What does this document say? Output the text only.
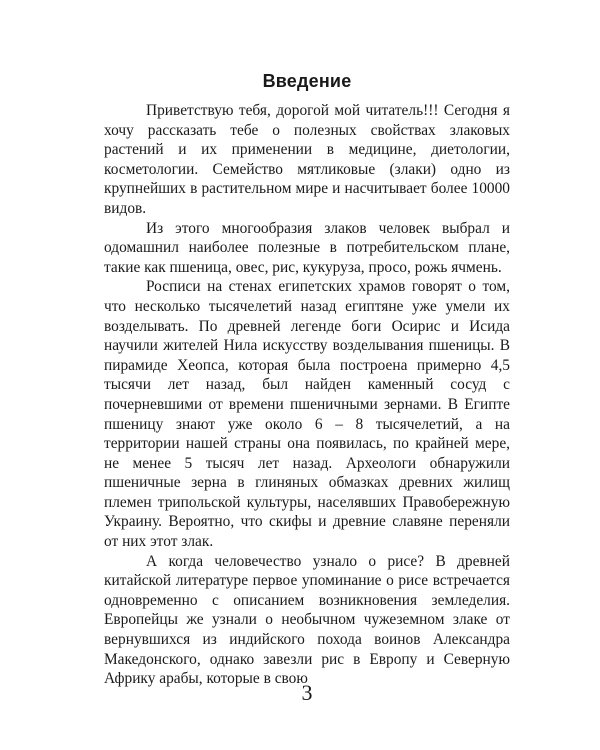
Введение

Приветствую тебя, дорогой мой читатель!!! Сегодня я хочу рассказать тебе о полезных свойствах злаковых растений и их применении в медицине, диетологии, косметологии. Семейство мятликовые (злаки) одно из крупнейших в растительном мире и насчитывает более 10000 видов.

Из этого многообразия злаков человек выбрал и одомашнил наиболее полезные в потребительском плане, такие как пшеница, овес, рис, кукуруза, просо, рожь ячмень.

Росписи на стенах египетских храмов говорят о том, что несколько тысячелетий назад египтяне уже умели их возделывать. По древней легенде боги Осирис и Исида научили жителей Нила искусству возделывания пшеницы. В пирамиде Хеопса, которая была построена примерно 4,5 тысячи лет назад, был найден каменный сосуд с почерневшими от времени пшеничными зернами. В Египте пшеницу знают уже около 6 – 8 тысячелетий, а на территории нашей страны она появилась, по крайней мере, не менее 5 тысяч лет назад. Археологи обнаружили пшеничные зерна в глиняных обмазках древних жилищ племен трипольской культуры, населявших Правобережную Украину. Вероятно, что скифы и древние славяне переняли от них этот злак.

А когда человечество узнало о рисе? В древней китайской литературе первое упоминание о рисе встречается одновременно с описанием возникновения земледелия. Европейцы же узнали о необычном чужеземном злаке от вернувшихся из индийского похода воинов Александра Македонского, однако завезли рис в Европу и Северную Африку арабы, которые в свою

3
